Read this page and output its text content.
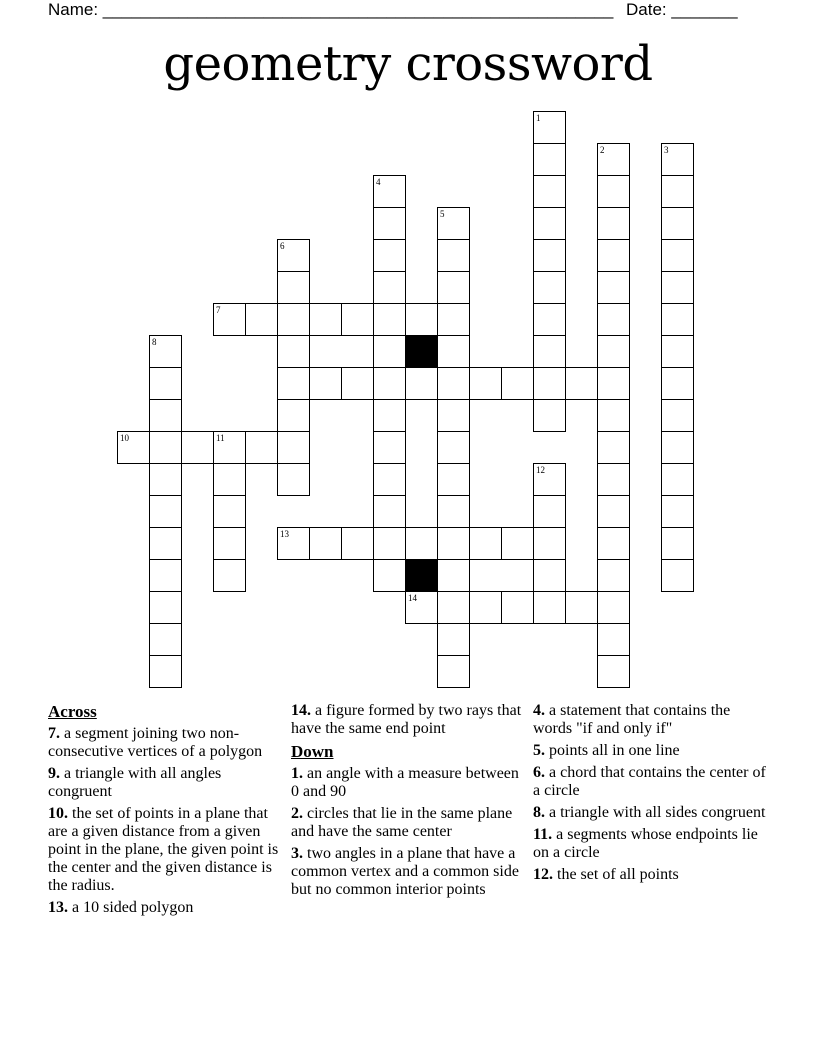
Name: ______________________________________________________ Date: _______
geometry crossword
1
2	3
4
5
6
7
8
10	11
12
13
14
Across
7. a segment joining two non-consecutive vertices of a polygon
9. a triangle with all angles congruent
10. the set of points in a plane that are a given distance from a given point in the plane, the given point is the center and the given distance is the radius.
13. a 10 sided polygon
14. a figure formed by two rays that have the same end point
Down
1. an angle with a measure between 0 and 90
2. circles that lie in the same plane and have the same center
3. two angles in a plane that have a common vertex and a common side but no common interior points
4. a statement that contains the words "if and only if"
5. points all in one line
6. a chord that contains the center of a circle
8. a triangle with all sides congruent
11. a segments whose endpoints lie on a circle
12. the set of all points
